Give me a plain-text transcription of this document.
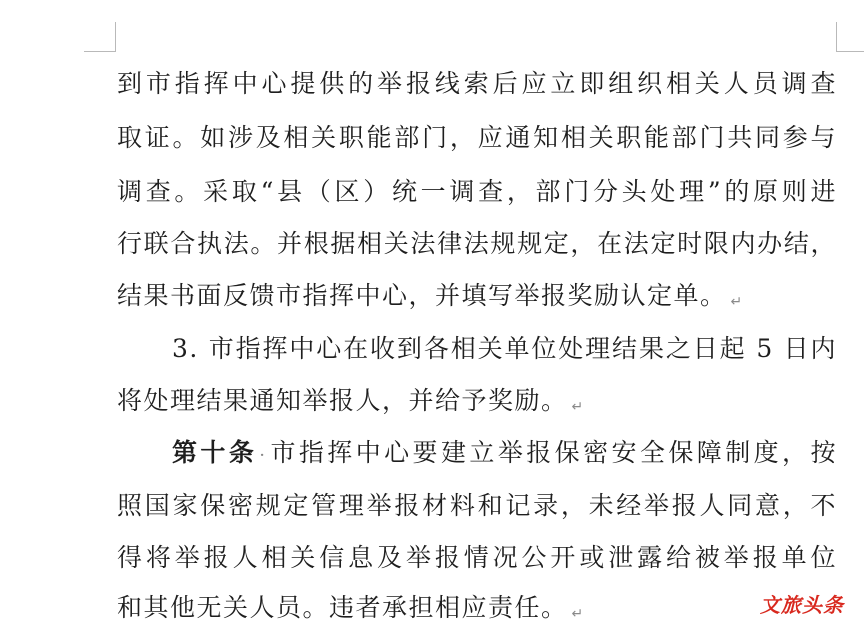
到市指挥中心提供的举报线索后应立即组织相关人员调查
取证。如涉及相关职能部门，应通知相关职能部门共同参与
调查。采取“县（区）统一调查，部门分头处理”的原则进
行联合执法。并根据相关法律法规规定，在法定时限内办结，
结果书面反馈市指挥中心，并填写举报奖励认定单。 ↵
3. 市指挥中心在收到各相关单位处理结果之日起 5 日内
将处理结果通知举报人，并给予奖励。 ↵
第十条 ·市指挥中心要建立举报保密安全保障制度，按
照国家保密规定管理举报材料和记录，未经举报人同意，不
得将举报人相关信息及举报情况公开或泄露给被举报单位
和其他无关人员。违者承担相应责任。 ↵	文旅头条
